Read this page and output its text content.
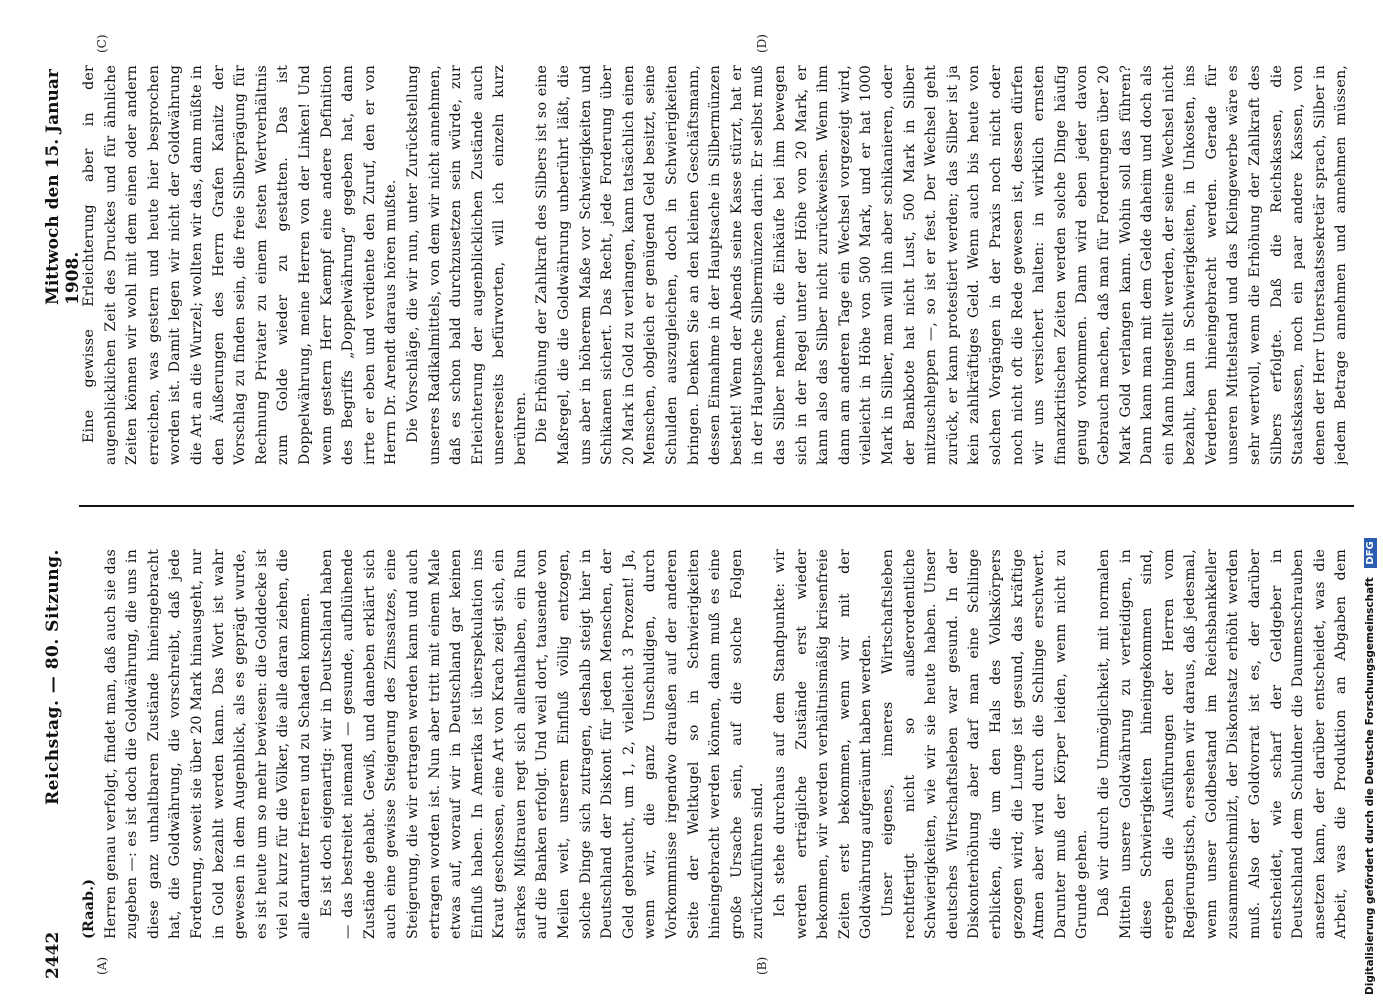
2442
Reichstag. — 80. Sitzung.
Mittwoch den 15. Januar 1908.
(A)	(B)
(C)	(D)

(Raab.) Herren genau verfolgt, findet man, daß auch sie das zugeben —: es ist doch die Goldwährung, die uns in diese ganz unhaltbaren Zustände hineingebracht hat, die Goldwährung, die vorschreibt, daß jede Forderung, soweit sie über 20 Mark hinausgeht, nur in Gold bezahlt werden kann. Das Wort ist wahr gewesen in dem Augenblick, als es geprägt wurde, es ist heute um so mehr bewiesen: die Golddecke ist viel zu kurz für die Völker, die alle daran ziehen, die alle darunter frieren und zu Schaden kommen. Es ist doch eigenartig: wir in Deutschland haben — das bestreitet niemand — gesunde, aufblühende Zustände gehabt. Gewiß, und daneben erklärt sich auch eine gewisse Steigerung des Zinssatzes, eine Steigerung, die wir ertragen werden kann und auch ertragen worden ist. Nun aber tritt mit einem Male etwas auf, worauf wir in Deutschland gar keinen Einfluß haben. In Amerika ist überspekulation ins Kraut geschossen, eine Art von Krach zeigt sich, ein starkes Mißtrauen regt sich allenthalben, ein Run auf die Banken erfolgt. Und weil dort, tausende von Meilen weit, unserem Einfluß völlig entzogen, solche Dinge sich zutragen, deshalb steigt hier in Deutschland der Diskont für jeden Menschen, der Geld gebraucht, um 1, 2, vielleicht 3 Prozent! Ja, wenn wir, die ganz Unschuldigen, durch Vorkommnisse irgendwo draußen auf der anderen Seite der Weltkugel so in Schwierigkeiten hineingebracht werden können, dann muß es eine große Ursache sein, auf die solche Folgen zurückzuführen sind. Ich stehe durchaus auf dem Standpunkte: wir werden erträgliche Zustände erst wieder bekommen, wir werden verhältnismäßig krisenfreie Zeiten erst bekommen, wenn wir mit der Goldwährung aufgeräumt haben werden. Unser eigenes, inneres Wirtschaftsleben rechtfertigt nicht so außerordentliche Schwierigkeiten, wie wir sie heute haben. Unser deutsches Wirtschaftsleben war gesund. In der Diskonterhöhung aber darf man eine Schlinge erblicken, die um den Hals des Volkskörpers gezogen wird; die Lunge ist gesund, das kräftige Atmen aber wird durch die Schlinge erschwert. Darunter muß der Körper leiden, wenn nicht zu Grunde gehen. Daß wir durch die Unmöglichkeit, mit normalen Mitteln unsere Goldwährung zu verteidigen, in diese Schwierigkeiten hineingekommen sind, ergeben die Ausführungen der Herren vom Regierungstisch, ersehen wir daraus, daß jedesmal, wenn unser Goldbestand im Reichsbankkeller zusammenschmilzt, der Diskontsatz erhöht werden muß. Also der Goldvorrat ist es, der darüber entscheidet, wie scharf der Geldgeber in Deutschland dem Schuldner die Daumenschrauben ansetzen kann, der darüber entscheidet, was die Arbeit, was die Produktion an Abgaben dem

Eine gewisse Erleichterung aber in der augenblicklichen Zeit des Druckes und für ähnliche Zeiten können wir wohl mit dem einen oder andern erreichen, was gestern und heute hier besprochen worden ist. Damit legen wir nicht der Goldwährung die Art an die Wurzel; wollten wir das, dann müßte in den Äußerungen des Herrn Grafen Kanitz der Vorschlag zu finden sein, die freie Silberprägung für Rechnung Privater zu einem festen Wertverhältnis zum Golde wieder zu gestatten. Das ist Doppelwährung, meine Herren von der Linken! Und wenn gestern Herr Kaempf eine andere Definition des Begriffs „Doppelwährung“ gegeben hat, dann irrte er eben und verdiente den Zuruf, den er von Herrn Dr. Arendt daraus hören mußte. Die Vorschläge, die wir nun, unter Zurückstellung unseres Radikalmittels, von dem wir nicht annehmen, daß es schon bald durchzusetzen sein würde, zur Erleichterung der augenblicklichen Zustände auch unsererseits befürworten, will ich einzeln kurz berühren. Die Erhöhung der Zahlkraft des Silbers ist so eine Maßregel, die die Goldwährung unberührt läßt, die uns aber in höherem Maße vor Schwierigkeiten und Schikanen sichert. Das Recht, jede Forderung über 20 Mark in Gold zu verlangen, kann tatsächlich einen Menschen, obgleich er genügend Geld besitzt, seine Schulden auszugleichen, doch in Schwierigkeiten bringen. Denken Sie an den kleinen Geschäftsmann, dessen Einnahme in der Hauptsache in Silbermünzen besteht! Wenn der Abends seine Kasse stürzt, hat er in der Hauptsache Silbermünzen darin. Er selbst muß das Silber nehmen, die Einkäufe bei ihm bewegen sich in der Regel unter der Höhe von 20 Mark, er kann also das Silber nicht zurückweisen. Wenn ihm dann am anderen Tage ein Wechsel vorgezeigt wird, vielleicht in Höhe von 500 Mark, und er hat 1000 Mark in Silber, man will ihn aber schikanieren, oder der Bankbote hat nicht Lust, 500 Mark in Silber mitzuschleppen —, so ist er fest. Der Wechsel geht zurück, er kann protestiert werden; das Silber ist ja kein zahlkräftiges Geld. Wenn auch bis heute von solchen Vorgängen in der Praxis noch nicht oder noch nicht oft die Rede gewesen ist, dessen dürfen wir uns versichert halten: in wirklich ernsten finanzkritischen Zeiten werden solche Dinge häufig genug vorkommen. Dann wird eben jeder davon Gebrauch machen, daß man für Forderungen über 20 Mark Gold verlangen kann. Wohin soll das führen? Dann kann man mit dem Gelde daheim und doch als ein Mann hingestellt werden, der seine Wechsel nicht bezahlt, kann in Schwierigkeiten, in Unkosten, ins Verderben hineingebracht werden. Gerade für unseren Mittelstand und das Kleingewerbe wäre es sehr wertvoll, wenn die Erhöhung der Zahlkraft des Silbers erfolgte. Daß die Reichskassen, die Staatskassen, noch ein paar andere Kassen, von denen der Herr Unterstaatssekretär sprach, Silber in jedem Betrage annehmen und annehmen müssen,

Digitalisierung gefördert durch die Deutsche Forschungsgemeinschaft DFG
